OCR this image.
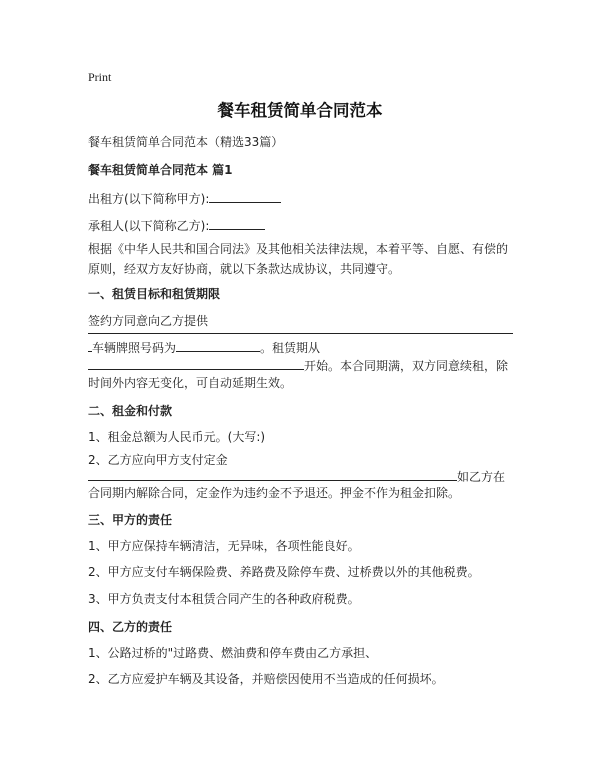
Print
餐车租赁简单合同范本
餐车租赁简单合同范本（精选33篇）
餐车租赁简单合同范本 篇1
出租方(以下简称甲方):
承租人(以下简称乙方):
根据《中华人民共和国合同法》及其他相关法律法规，本着平等、自愿、有偿的原则，经双方友好协商，就以下条款达成协议，共同遵守。
一、租赁目标和租赁期限
签约方同意向乙方提供
车辆牌照号码为	。租赁期从
开始。本合同期满，双方同意续租，除
时间外内容无变化，可自动延期生效。
二、租金和付款
1、租金总额为人民币元。(大写:)
2、乙方应向甲方支付定金
如乙方在
合同期内解除合同，定金作为违约金不予退还。押金不作为租金扣除。
三、甲方的责任
1、甲方应保持车辆清洁，无异味，各项性能良好。
2、甲方应支付车辆保险费、养路费及除停车费、过桥费以外的其他税费。
3、甲方负责支付本租赁合同产生的各种政府税费。
四、乙方的责任
1、公路过桥的"过路费、燃油费和停车费由乙方承担、
2、乙方应爱护车辆及其设备，并赔偿因使用不当造成的任何损坏。
